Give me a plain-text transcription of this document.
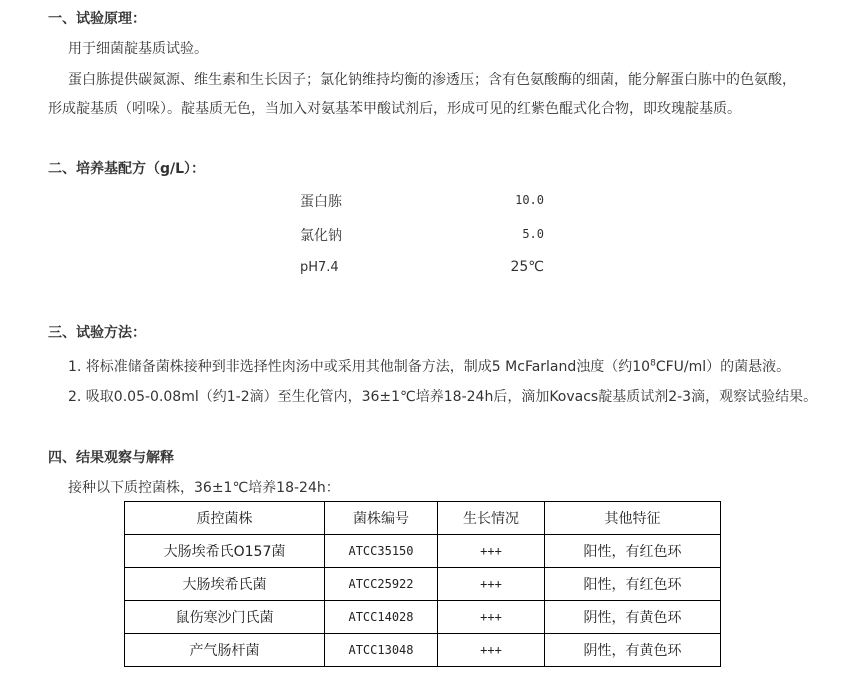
一、试验原理：
用于细菌靛基质试验。
蛋白胨提供碳氮源、维生素和生长因子；氯化钠维持均衡的渗透压；含有色氨酸酶的细菌，能分解蛋白胨中的色氨酸，
形成靛基质（吲哚）。靛基质无色，当加入对氨基苯甲酸试剂后，形成可见的红紫色醌式化合物，即玫瑰靛基质。
二、培养基配方（g/L）：
蛋白胨	10.0
氯化钠	5.0
pH7.4	25℃
三、试验方法：
1. 将标准储备菌株接种到非选择性肉汤中或采用其他制备方法，制成5 McFarland浊度（约$10^8CFU/ml$）的菌悬液。
2. 吸取0.05-0.08ml（约1-2滴）至生化管内，36±1℃培养18-24h后，滴加Kovacs靛基质试剂2-3滴，观察试验结果。
四、结果观察与解释
接种以下质控菌株，36±1℃培养18-24h：
质控菌株	菌株编号	生长情况	其他特征
大肠埃希氏O157菌	ATCC35150	+++	阳性，有红色环
大肠埃希氏菌	ATCC25922	+++	阳性，有红色环
鼠伤寒沙门氏菌	ATCC14028	+++	阴性，有黄色环
产气肠杆菌	ATCC13048	+++	阴性，有黄色环
